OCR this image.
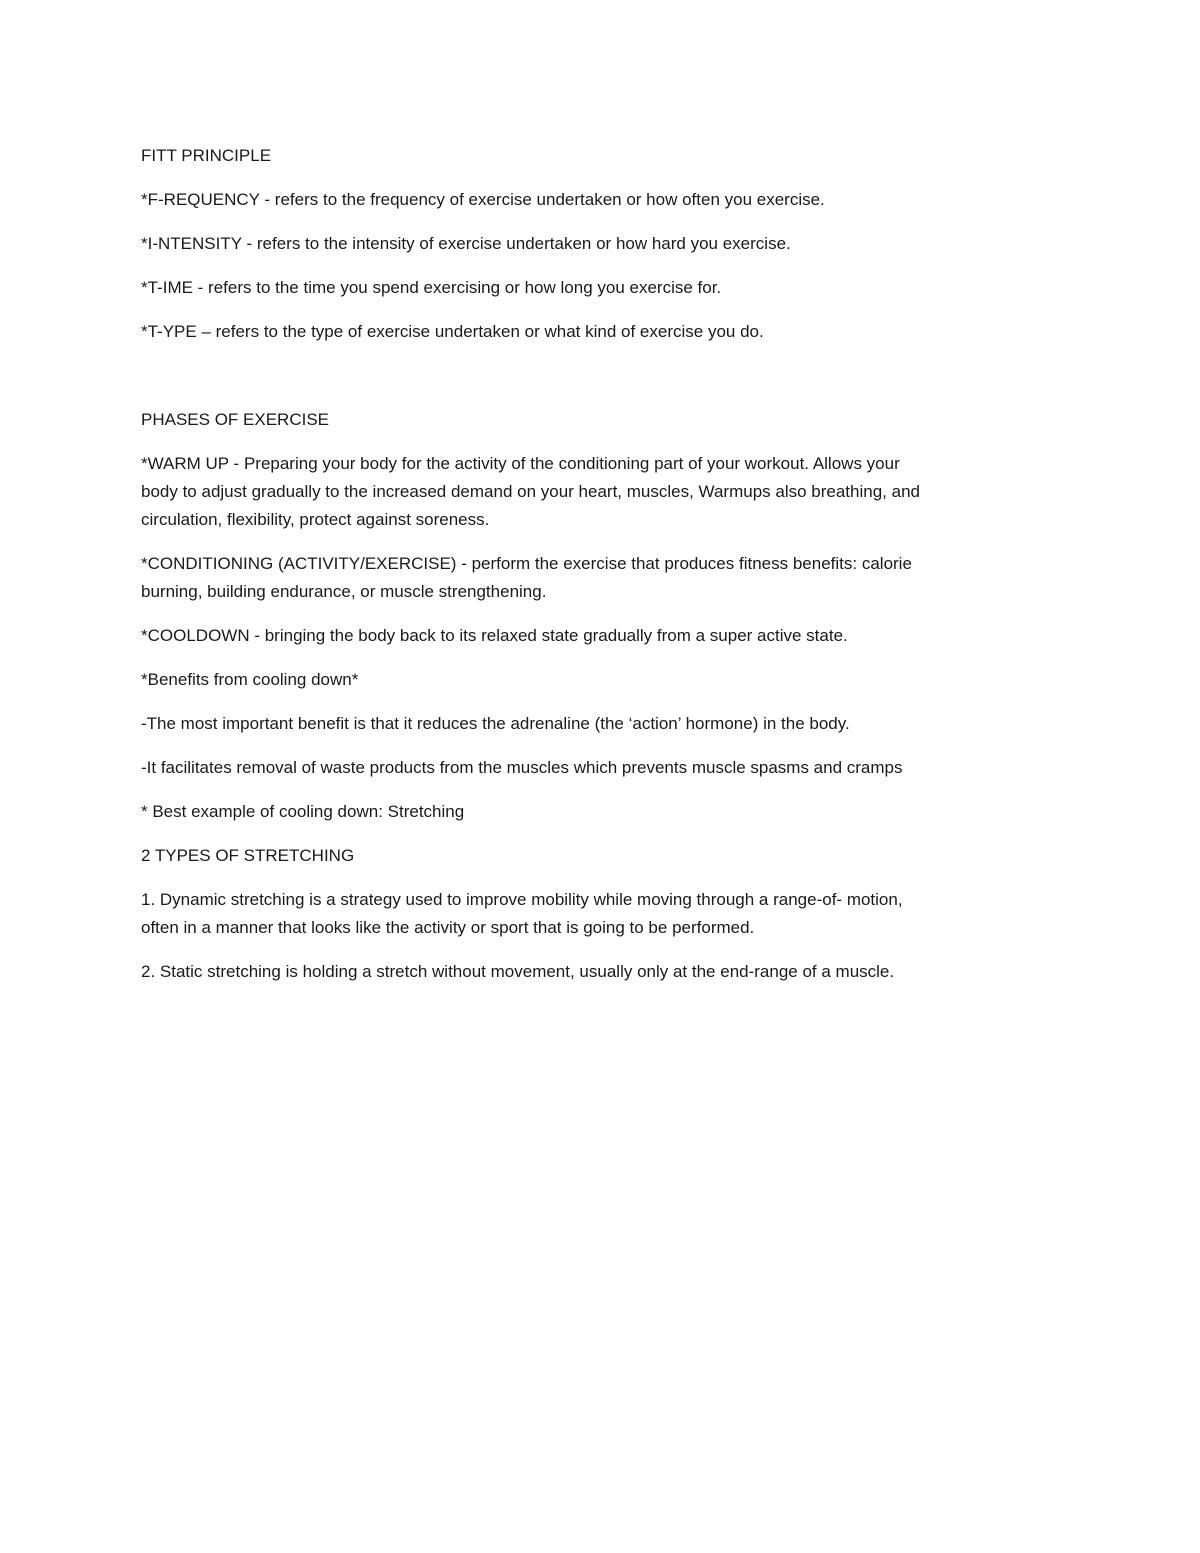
FITT PRINCIPLE

*F-REQUENCY - refers to the frequency of exercise undertaken or how often you exercise.

*I-NTENSITY - refers to the intensity of exercise undertaken or how hard you exercise.

*T-IME - refers to the time you spend exercising or how long you exercise for.

*T-YPE – refers to the type of exercise undertaken or what kind of exercise you do.

PHASES OF EXERCISE

*WARM UP - Preparing your body for the activity of the conditioning part of your workout. Allows your

body to adjust gradually to the increased demand on your heart, muscles, Warmups also breathing, and

circulation, flexibility, protect against soreness.

*CONDITIONING (ACTIVITY/EXERCISE) - perform the exercise that produces fitness benefits: calorie

burning, building endurance, or muscle strengthening.

*COOLDOWN - bringing the body back to its relaxed state gradually from a super active state.

*Benefits from cooling down*

-The most important benefit is that it reduces the adrenaline (the ‘action’ hormone) in the body.

-It facilitates removal of waste products from the muscles which prevents muscle spasms and cramps

* Best example of cooling down: Stretching

2 TYPES OF STRETCHING

1. Dynamic stretching is a strategy used to improve mobility while moving through a range-of- motion,

often in a manner that looks like the activity or sport that is going to be performed.

2. Static stretching is holding a stretch without movement, usually only at the end-range of a muscle.
